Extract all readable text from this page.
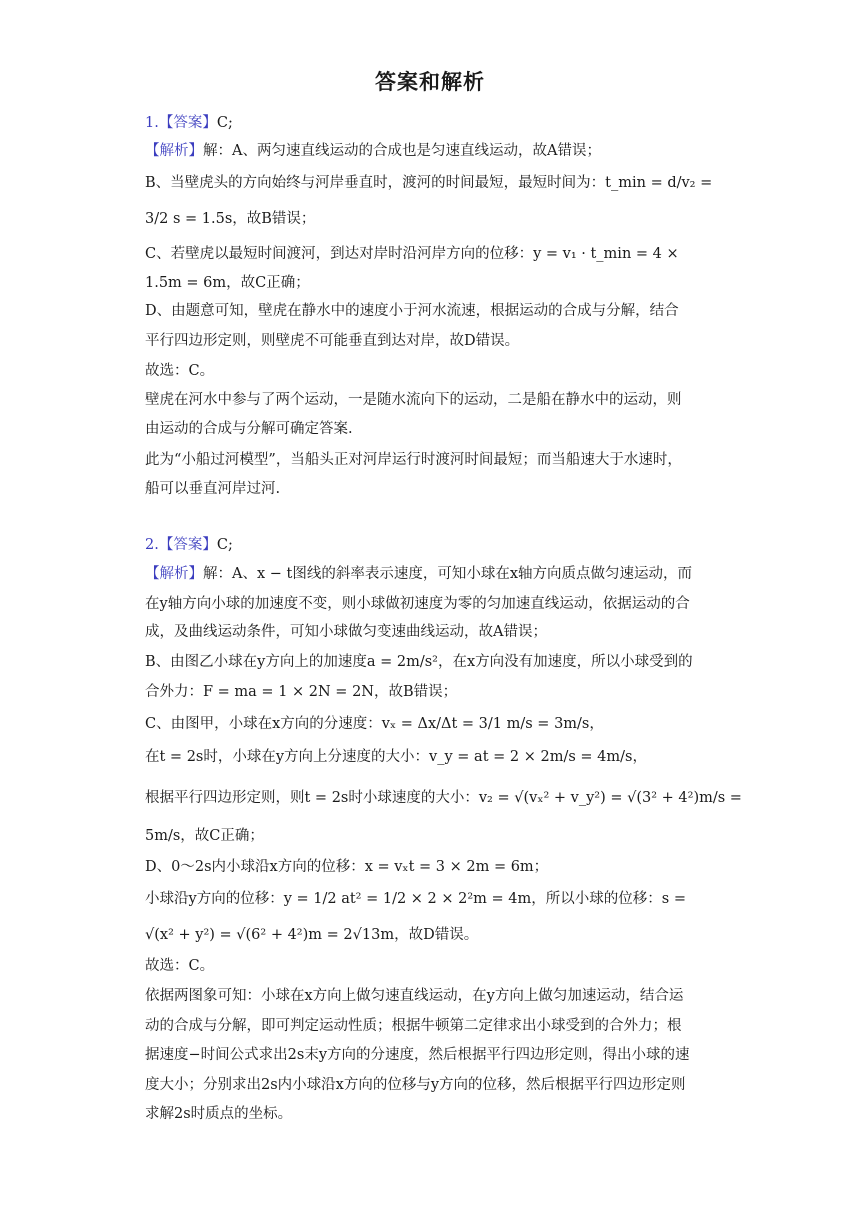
答案和解析
1.【答案】C;
【解析】解：A、两匀速直线运动的合成也是匀速直线运动，故A错误；
B、当壁虎头的方向始终与河岸垂直时，渡河的时间最短，最短时间为：t_min = d/v₂ =
3/2 s = 1.5s，故B错误；
C、若壁虎以最短时间渡河，到达对岸时沿河岸方向的位移：y = v₁ · t_min = 4 ×
1.5m = 6m，故C正确；
D、由题意可知，壁虎在静水中的速度小于河水流速，根据运动的合成与分解，结合
平行四边形定则，则壁虎不可能垂直到达对岸，故D错误。
故选：C。
壁虎在河水中参与了两个运动，一是随水流向下的运动，二是船在静水中的运动，则
由运动的合成与分解可确定答案.
此为“小船过河模型”，当船头正对河岸运行时渡河时间最短；而当船速大于水速时，
船可以垂直河岸过河.
2.【答案】C;
【解析】解：A、x − t图线的斜率表示速度，可知小球在x轴方向质点做匀速运动，而
在y轴方向小球的加速度不变，则小球做初速度为零的匀加速直线运动，依据运动的合
成，及曲线运动条件，可知小球做匀变速曲线运动，故A错误；
B、由图乙小球在y方向上的加速度a = 2m/s²，在x方向没有加速度，所以小球受到的
合外力：F = ma = 1 × 2N = 2N，故B错误；
C、由图甲，小球在x方向的分速度：vₓ = Δx/Δt = 3/1 m/s = 3m/s，
在t = 2s时，小球在y方向上分速度的大小：v_y = at = 2 × 2m/s = 4m/s，
根据平行四边形定则，则t = 2s时小球速度的大小：v₂ = √(vₓ² + v_y²) = √(3² + 4²)m/s =
5m/s，故C正确；
D、0～2s内小球沿x方向的位移：x = vₓt = 3 × 2m = 6m；
小球沿y方向的位移：y = 1/2 at² = 1/2 × 2 × 2²m = 4m，所以小球的位移：s =
√(x² + y²) = √(6² + 4²)m = 2√13m，故D错误。
故选：C。
依据两图象可知：小球在x方向上做匀速直线运动，在y方向上做匀加速运动，结合运
动的合成与分解，即可判定运动性质；根据牛顿第二定律求出小球受到的合外力；根
据速度−时间公式求出2s末y方向的分速度，然后根据平行四边形定则，得出小球的速
度大小；分别求出2s内小球沿x方向的位移与y方向的位移，然后根据平行四边形定则
求解2s时质点的坐标。
